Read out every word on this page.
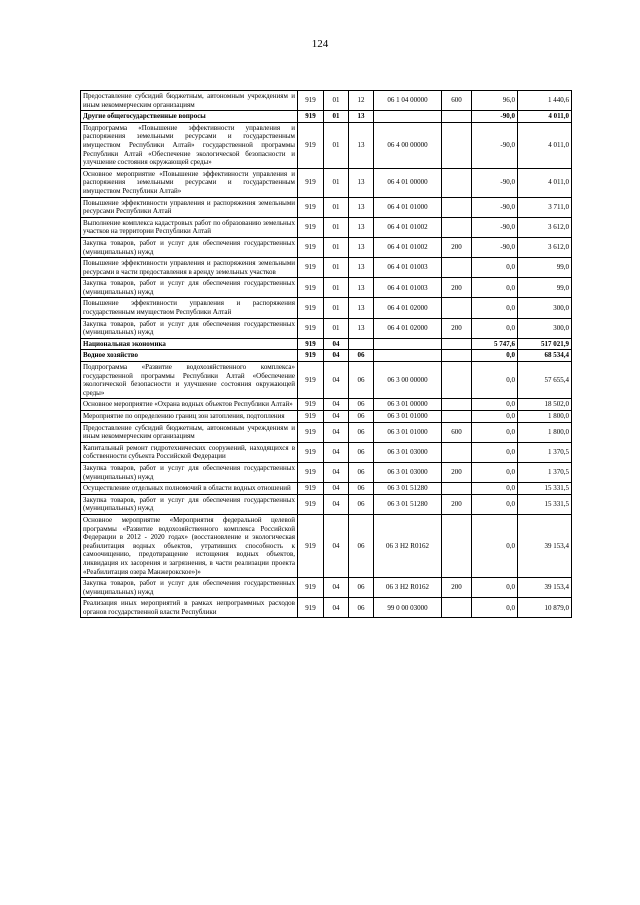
124
Предоставление субсидий бюджетным, автономным учреждениям и иным некоммерческим организациям	919	01	12	06 1 04 00000	600	96,0	1 440,6
Другие общегосударственные вопросы	919	01	13			-90,0	4 011,0
Подпрограмма «Повышение эффективности управления и распоряжения земельными ресурсами и государственным имуществом Республики Алтай» государственной программы Республики Алтай «Обеспечение экологической безопасности и улучшение состояния окружающей среды»	919	01	13	06 4 00 00000		-90,0	4 011,0
Основное мероприятие «Повышение эффективности управления и распоряжения земельными ресурсами и государственным имуществом Республики Алтай»	919	01	13	06 4 01 00000		-90,0	4 011,0
Повышение эффективности управления и распоряжения земельными ресурсами Республики Алтай	919	01	13	06 4 01 01000		-90,0	3 711,0
Выполнение комплекса кадастровых работ по образованию земельных участков на территории Республики Алтай	919	01	13	06 4 01 01002		-90,0	3 612,0
Закупка товаров, работ и услуг для обеспечения государственных (муниципальных) нужд	919	01	13	06 4 01 01002	200	-90,0	3 612,0
Повышение эффективности управления и распоряжения земельными ресурсами в части предоставления в аренду земельных участков	919	01	13	06 4 01 01003		0,0	99,0
Закупка товаров, работ и услуг для обеспечения государственных (муниципальных) нужд	919	01	13	06 4 01 01003	200	0,0	99,0
Повышение эффективности управления и распоряжения государственным имуществом Республики Алтай	919	01	13	06 4 01 02000		0,0	300,0
Закупка товаров, работ и услуг для обеспечения государственных (муниципальных) нужд	919	01	13	06 4 01 02000	200	0,0	300,0
Национальная экономика	919	04				5 747,6	517 021,9
Водное хозяйство	919	04	06			0,0	68 534,4
Подпрограмма «Развитие водохозяйственного комплекса» государственной программы Республики Алтай «Обеспечение экологической безопасности и улучшение состояния окружающей среды»	919	04	06	06 3 00 00000		0,0	57 655,4
Основное мероприятие «Охрана водных объектов Республики Алтай»	919	04	06	06 3 01 00000		0,0	18 502,0
Мероприятие по определению границ зон затопления, подтопления	919	04	06	06 3 01 01000		0,0	1 800,0
Предоставление субсидий бюджетным, автономным учреждениям и иным некоммерческим организациям	919	04	06	06 3 01 01000	600	0,0	1 800,0
Капитальный ремонт гидротехнических сооружений, находящихся в собственности субъекта Российской Федерации	919	04	06	06 3 01 03000		0,0	1 370,5
Закупка товаров, работ и услуг для обеспечения государственных (муниципальных) нужд	919	04	06	06 3 01 03000	200	0,0	1 370,5
Осуществление отдельных полномочий в области водных отношений	919	04	06	06 3 01 51280		0,0	15 331,5
Закупка товаров, работ и услуг для обеспечения государственных (муниципальных) нужд	919	04	06	06 3 01 51280	200	0,0	15 331,5
Основное мероприятие «Мероприятия федеральной целевой программы «Развитие водохозяйственного комплекса Российской Федерации в 2012 - 2020 годах» (восстановление и экологическая реабилитация водных объектов, утративших способность к самоочищению, предотвращение истощения водных объектов, ликвидация их засорения и загрязнения, в части реализации проекта «Реабилитация озера Манжерокское»)»	919	04	06	06 3 Н2 R0162		0,0	39 153,4
Закупка товаров, работ и услуг для обеспечения государственных (муниципальных) нужд	919	04	06	06 3 Н2 R0162	200	0,0	39 153,4
Реализация иных мероприятий в рамках непрограммных расходов органов государственной власти Республики	919	04	06	99 0 00 03000		0,0	10 879,0
